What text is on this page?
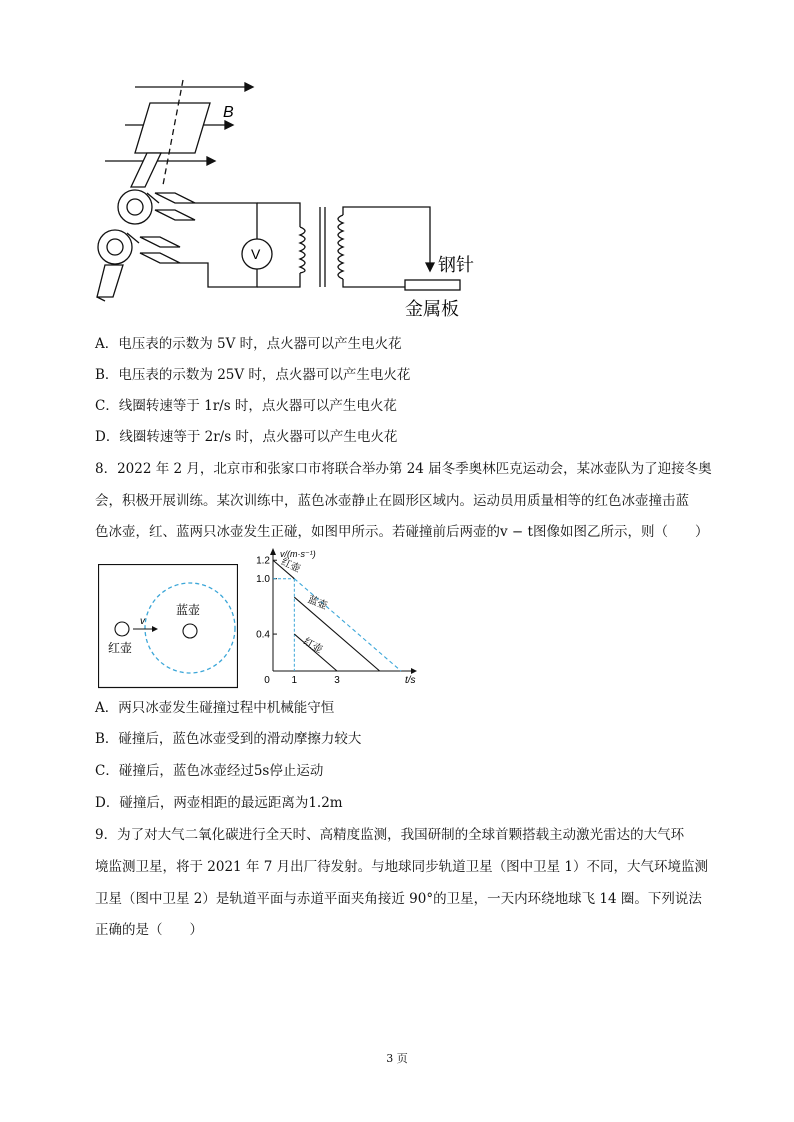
B
V
钢针
金属板
A．电压表的示数为 5V 时，点火器可以产生电火花
B．电压表的示数为 25V 时，点火器可以产生电火花
C．线圈转速等于 1r/s 时，点火器可以产生电火花
D．线圈转速等于 2r/s 时，点火器可以产生电火花
8．2022 年 2 月，北京市和张家口市将联合举办第 24 届冬季奥林匹克运动会，某冰壶队为了迎接冬奥
会，积极开展训练。某次训练中，蓝色冰壶静止在圆形区域内。运动员用质量相等的红色冰壶撞击蓝
色冰壶，红、蓝两只冰壶发生正碰，如图甲所示。若碰撞前后两壶的v − t图像如图乙所示，则（　　）
v
蓝壶
红壶
1.2
1.0
0.4
0 1	3
v/(m·s⁻¹)
t/s
红壶
蓝壶
红壶
A．两只冰壶发生碰撞过程中机械能守恒
B．碰撞后，蓝色冰壶受到的滑动摩擦力较大
C．碰撞后，蓝色冰壶经过5s停止运动
D．碰撞后，两壶相距的最远距离为1.2m
9．为了对大气二氧化碳进行全天时、高精度监测，我国研制的全球首颗搭载主动激光雷达的大气环
境监测卫星，将于 2021 年 7 月出厂待发射。与地球同步轨道卫星（图中卫星 1）不同，大气环境监测
卫星（图中卫星 2）是轨道平面与赤道平面夹角接近 90°的卫星，一天内环绕地球飞 14 圈。下列说法
正确的是（　　）
3 页
